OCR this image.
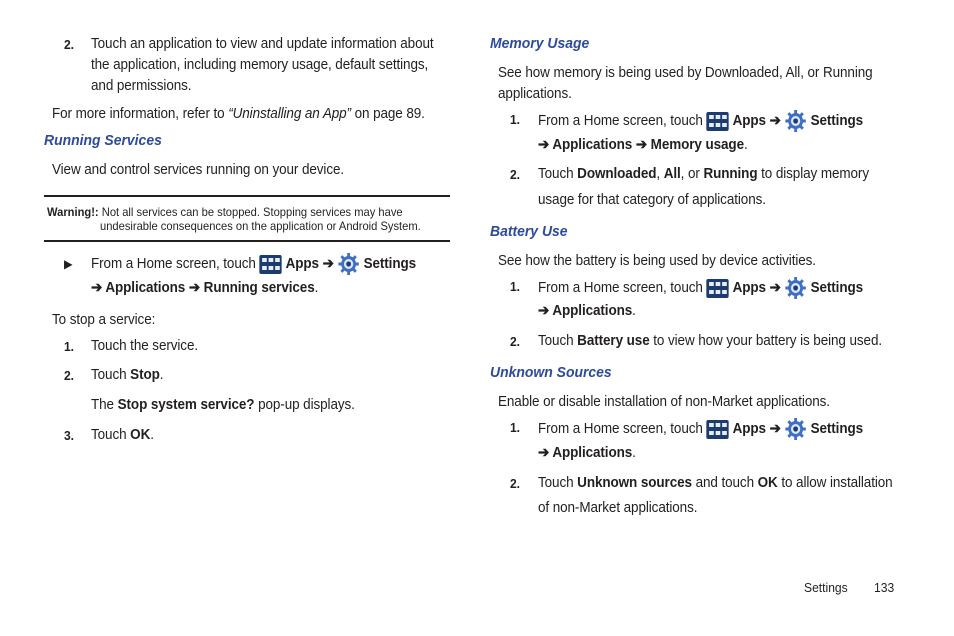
2. Touch an application to view and update information about
the application, including memory usage, default settings,
and permissions.
For more information, refer to “Uninstalling an App” on page 89.
Running Services
View and control services running on your device.
Warning!: Not all services can be stopped. Stopping services may have
undesirable consequences on the application or Android System.
▶ From a Home screen, touch Apps ➔ Settings
➔ Applications ➔ Running services.
To stop a service:
1. Touch the service.
2. Touch Stop.
The Stop system service? pop-up displays.
3. Touch OK.
Memory Usage
See how memory is being used by Downloaded, All, or Running
applications.
1. From a Home screen, touch Apps ➔ Settings
➔ Applications ➔ Memory usage.
2. Touch Downloaded, All, or Running to display memory
usage for that category of applications.
Battery Use
See how the battery is being used by device activities.
1. From a Home screen, touch Apps ➔ Settings
➔ Applications.
2. Touch Battery use to view how your battery is being used.
Unknown Sources
Enable or disable installation of non-Market applications.
1. From a Home screen, touch Apps ➔ Settings
➔ Applications.
2. Touch Unknown sources and touch OK to allow installation
of non-Market applications.
Settings 133
